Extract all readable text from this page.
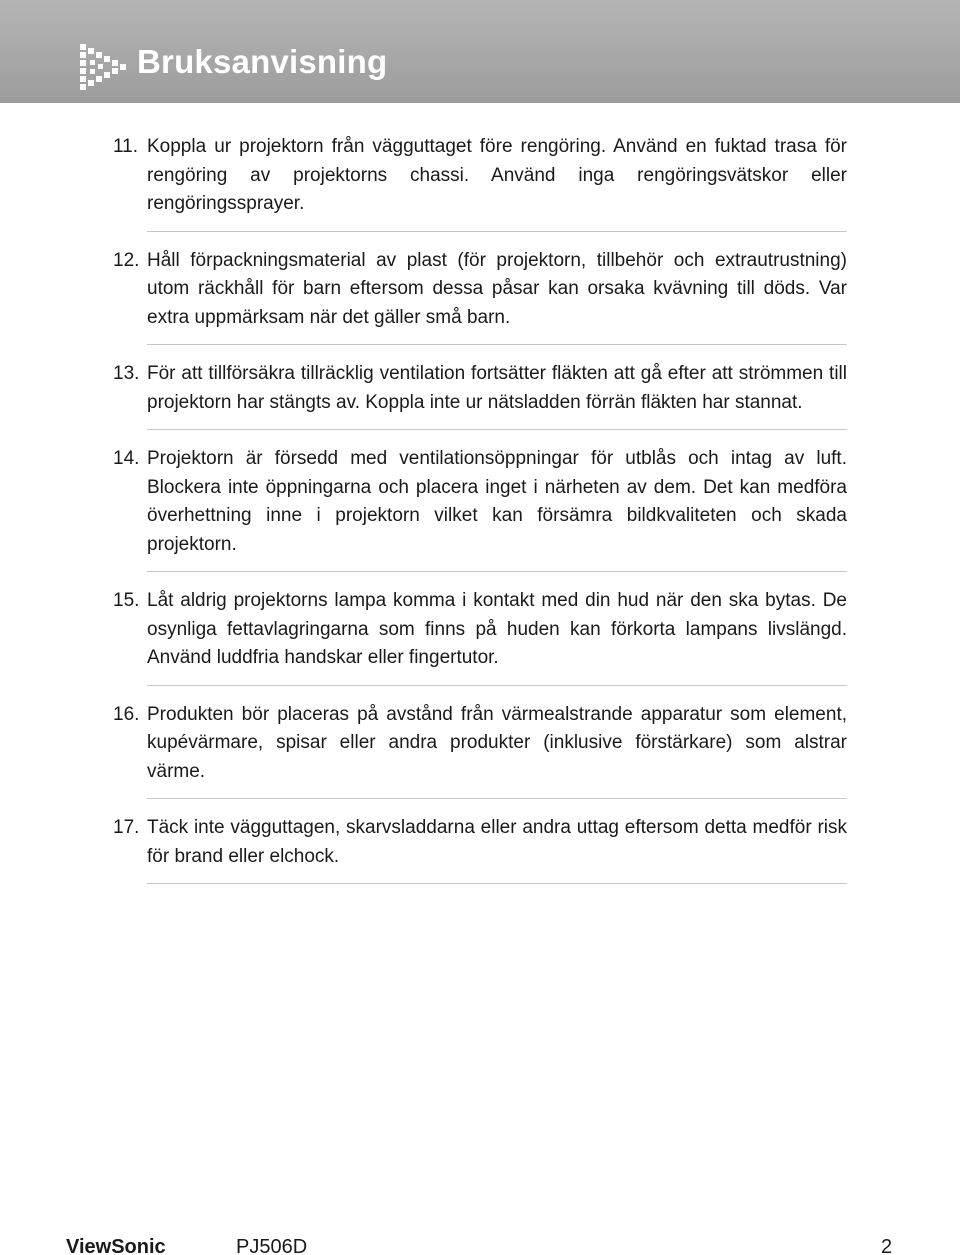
Bruksanvisning
11. Koppla ur projektorn från vägguttaget före rengöring. Använd en fuktad trasa för rengöring av projektorns chassi. Använd inga rengöringsvätskor eller rengöringssprayer.

12. Håll förpackningsmaterial av plast (för projektorn, tillbehör och extrautrustning) utom räckhåll för barn eftersom dessa påsar kan orsaka kvävning till döds. Var extra uppmärksam när det gäller små barn.

13. För att tillförsäkra tillräcklig ventilation fortsätter fläkten att gå efter att strömmen till projektorn har stängts av. Koppla inte ur nätsladden förrän fläkten har stannat.

14. Projektorn är försedd med ventilationsöppningar för utblås och intag av luft. Blockera inte öppningarna och placera inget i närheten av dem. Det kan medföra överhettning inne i projektorn vilket kan försämra bildkvaliteten och skada projektorn.

15. Låt aldrig projektorns lampa komma i kontakt med din hud när den ska bytas. De osynliga fettavlagringarna som finns på huden kan förkorta lampans livslängd. Använd luddfria handskar eller fingertutor.

16. Produkten bör placeras på avstånd från värmealstrande apparatur som element, kupévärmare, spisar eller andra produkter (inklusive förstärkare) som alstrar värme.

17. Täck inte vägguttagen, skarvsladdarna eller andra uttag eftersom detta medför risk för brand eller elchock.

ViewSonic	PJ506D	2
